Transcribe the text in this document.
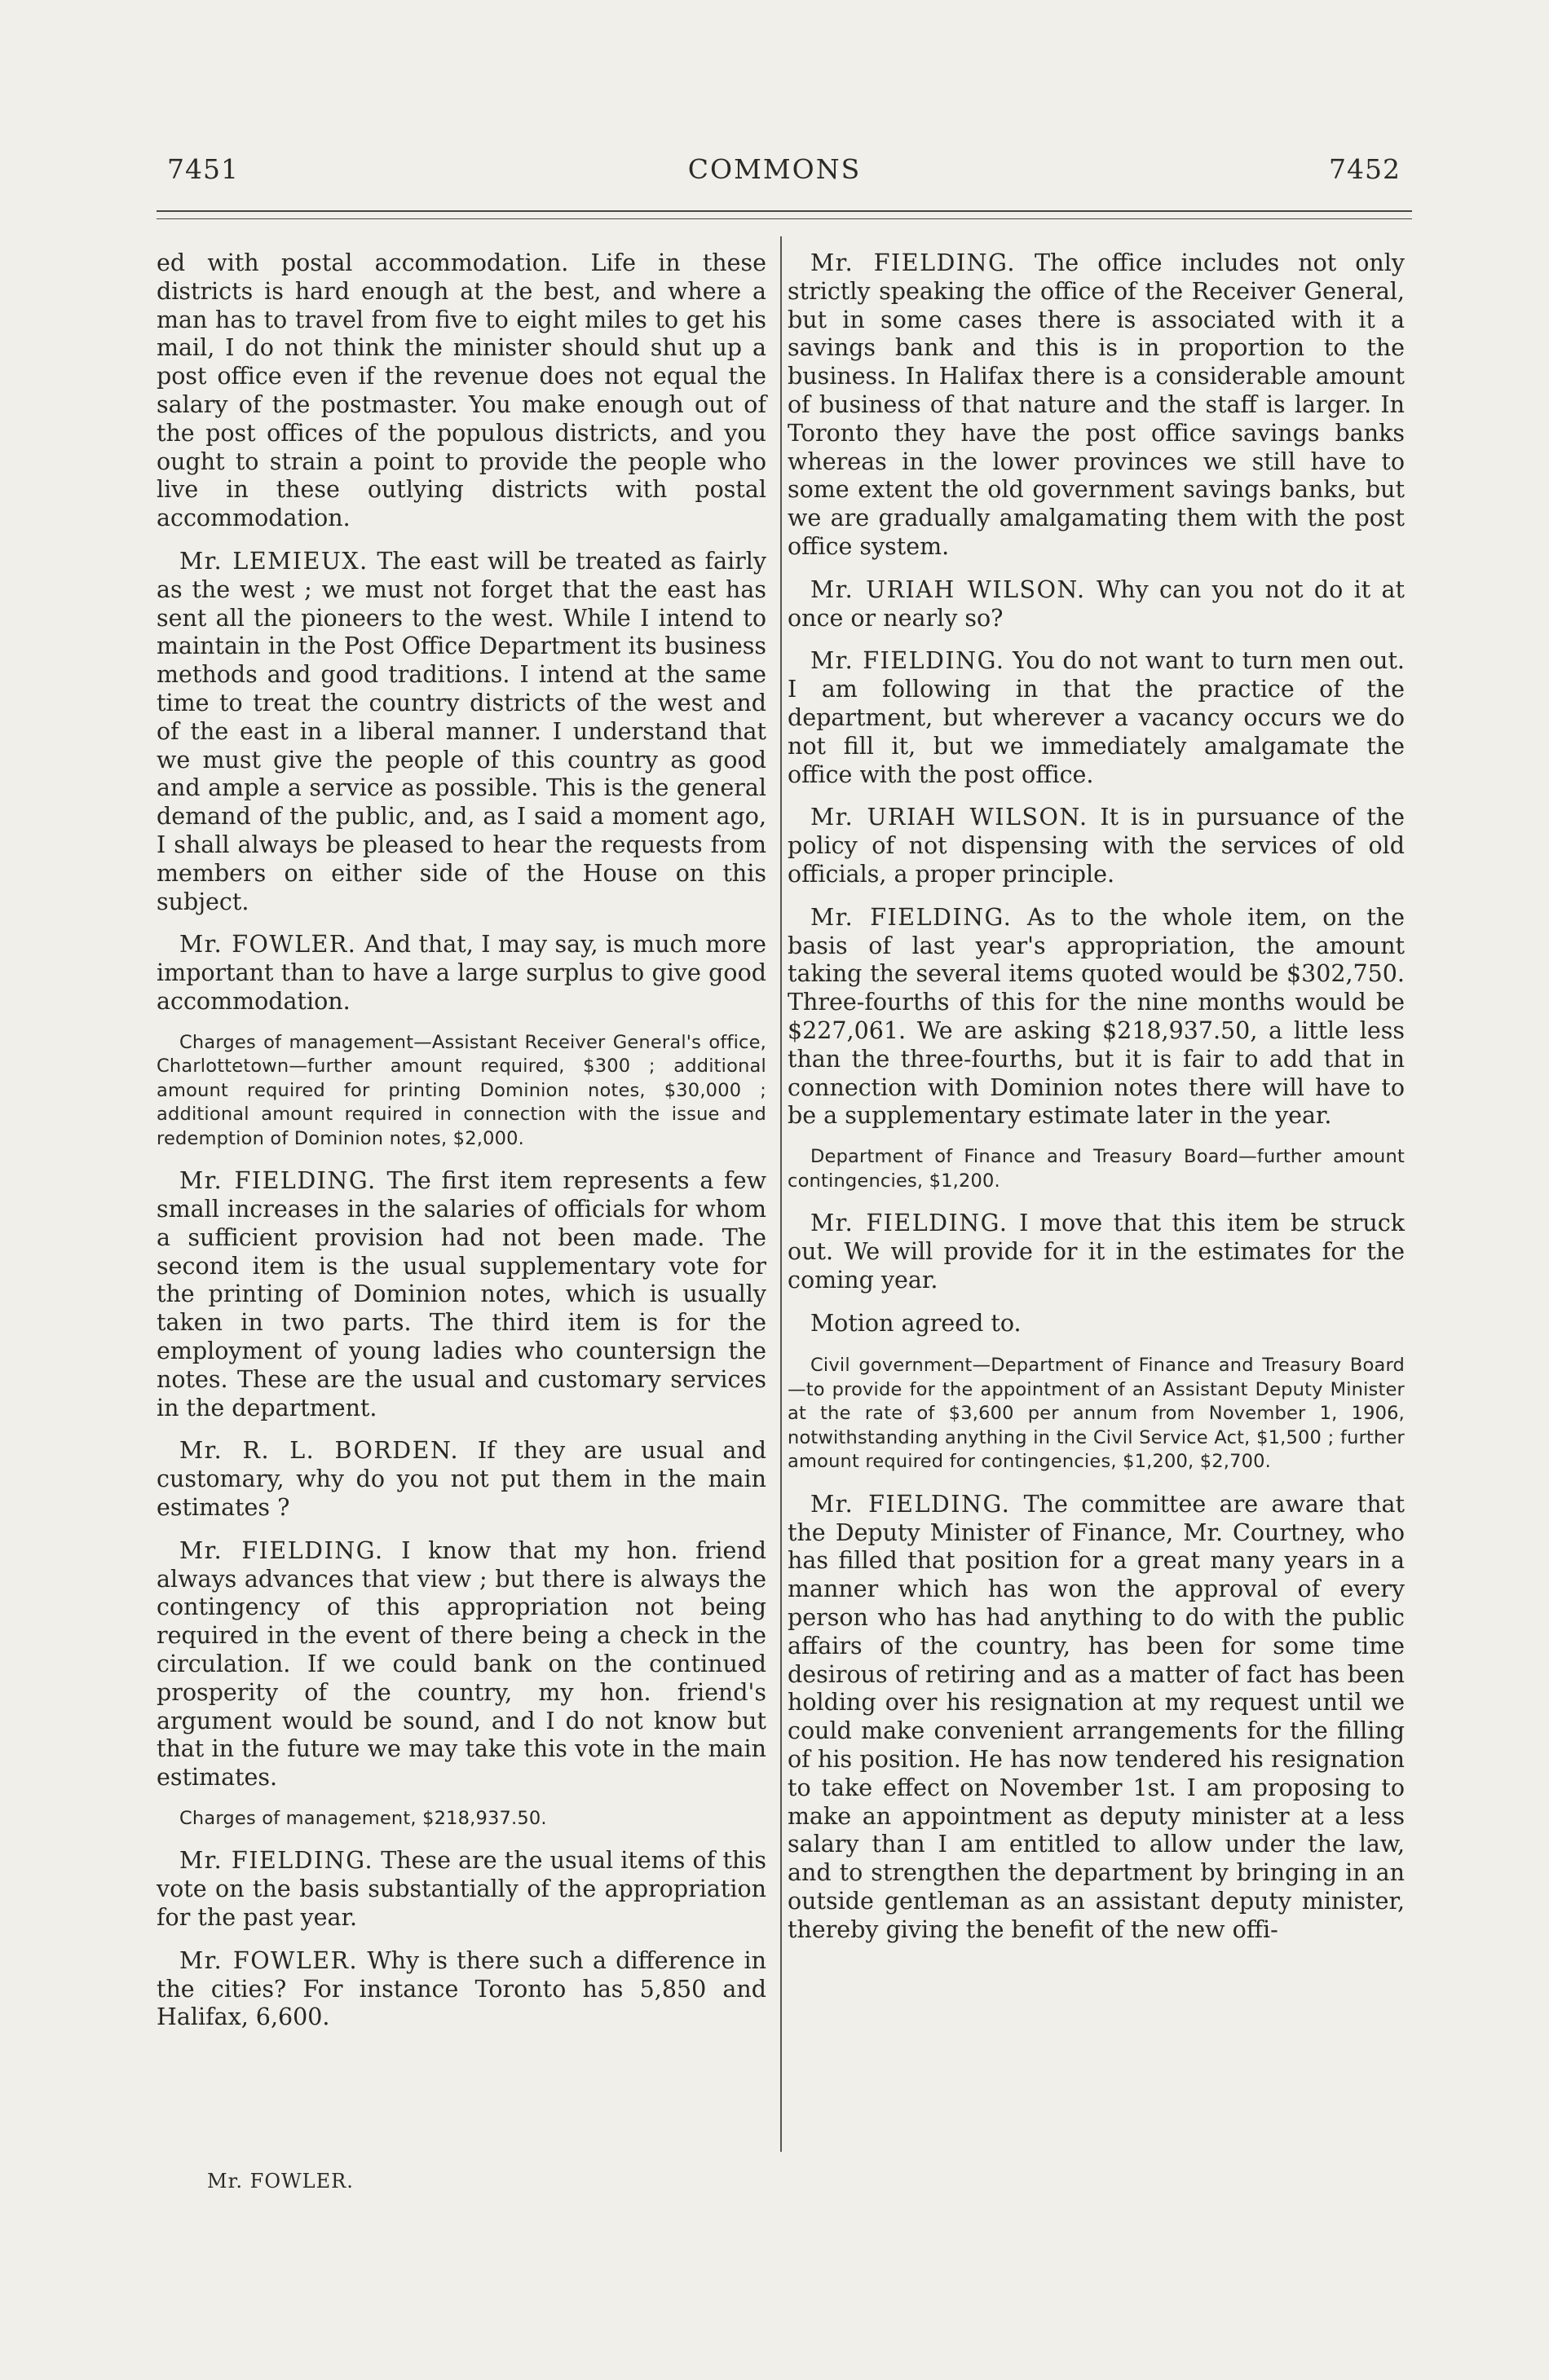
7451	COMMONS	7452

ed with postal accommodation. Life in these districts is hard enough at the best, and where a man has to travel from five to eight miles to get his mail, I do not think the minister should shut up a post office even if the revenue does not equal the salary of the postmaster. You make enough out of the post offices of the populous districts, and you ought to strain a point to provide the people who live in these outlying districts with postal accommodation.

Mr. LEMIEUX. The east will be treated as fairly as the west ; we must not forget that the east has sent all the pioneers to the west. While I intend to maintain in the Post Office Department its business methods and good traditions. I intend at the same time to treat the country districts of the west and of the east in a liberal manner. I understand that we must give the people of this country as good and ample a service as possible. This is the general demand of the public, and, as I said a moment ago, I shall always be pleased to hear the requests from members on either side of the House on this subject.

Mr. FOWLER. And that, I may say, is much more important than to have a large surplus to give good accommodation.

Charges of management—Assistant Receiver General's office, Charlottetown—further amount required, $300 ; additional amount required for printing Dominion notes, $30,000 ; additional amount required in connection with the issue and redemption of Dominion notes, $2,000.

Mr. FIELDING. The first item represents a few small increases in the salaries of officials for whom a sufficient provision had not been made. The second item is the usual supplementary vote for the printing of Dominion notes, which is usually taken in two parts. The third item is for the employment of young ladies who countersign the notes. These are the usual and customary services in the department.

Mr. R. L. BORDEN. If they are usual and customary, why do you not put them in the main estimates ?

Mr. FIELDING. I know that my hon. friend always advances that view ; but there is always the contingency of this appropriation not being required in the event of there being a check in the circulation. If we could bank on the continued prosperity of the country, my hon. friend's argument would be sound, and I do not know but that in the future we may take this vote in the main estimates.

Charges of management, $218,937.50.

Mr. FIELDING. These are the usual items of this vote on the basis substantially of the appropriation for the past year.

Mr. FOWLER. Why is there such a difference in the cities? For instance Toronto has 5,850 and Halifax, 6,600.

Mr. FIELDING. The office includes not only strictly speaking the office of the Receiver General, but in some cases there is associated with it a savings bank and this is in proportion to the business. In Halifax there is a considerable amount of business of that nature and the staff is larger. In Toronto they have the post office savings banks whereas in the lower provinces we still have to some extent the old government savings banks, but we are gradually amalgamating them with the post office system.

Mr. URIAH WILSON. Why can you not do it at once or nearly so?

Mr. FIELDING. You do not want to turn men out. I am following in that the practice of the department, but wherever a vacancy occurs we do not fill it, but we immediately amalgamate the office with the post office.

Mr. URIAH WILSON. It is in pursuance of the policy of not dispensing with the services of old officials, a proper principle.

Mr. FIELDING. As to the whole item, on the basis of last year's appropriation, the amount taking the several items quoted would be $302,750. Three-fourths of this for the nine months would be $227,061. We are asking $218,937.50, a little less than the three-fourths, but it is fair to add that in connection with Dominion notes there will have to be a supplementary estimate later in the year.

Department of Finance and Treasury Board—further amount contingencies, $1,200.

Mr. FIELDING. I move that this item be struck out. We will provide for it in the estimates for the coming year.

Motion agreed to.

Civil government—Department of Finance and Treasury Board—to provide for the appointment of an Assistant Deputy Minister at the rate of $3,600 per annum from November 1, 1906, notwithstanding anything in the Civil Service Act, $1,500 ; further amount required for contingencies, $1,200, $2,700.

Mr. FIELDING. The committee are aware that the Deputy Minister of Finance, Mr. Courtney, who has filled that position for a great many years in a manner which has won the approval of every person who has had anything to do with the public affairs of the country, has been for some time desirous of retiring and as a matter of fact has been holding over his resignation at my request until we could make convenient arrangements for the filling of his position. He has now tendered his resignation to take effect on November 1st. I am proposing to make an appointment as deputy minister at a less salary than I am entitled to allow under the law, and to strengthen the department by bringing in an outside gentleman as an assistant deputy minister, thereby giving the benefit of the new offi-

Mr. FOWLER.
